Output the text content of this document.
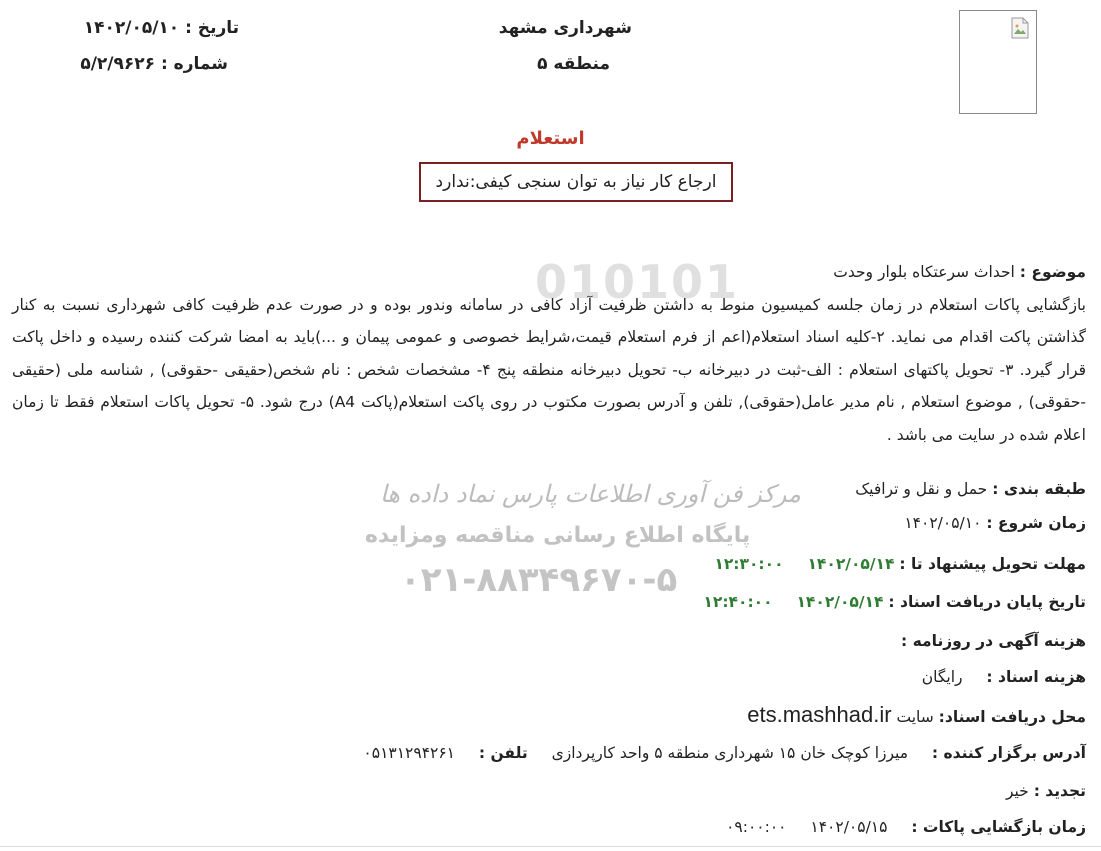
010101
مرکز فن آوری اطلاعات پارس نماد داده ها
پایگاه اطلاع رسانی مناقصه ومزایده
۰۲۱-۸۸۳۴۹۶۷۰-۵
شهرداری مشهد
منطقه ۵
تاریخ : ۱۴۰۲/۰۵/۱۰
شماره : ۵/۲/۹۶۲۶
استعلام
ارجاع کار نیاز به توان سنجی کیفی:ندارد
موضوع : احداث سرعتکاه بلوار وحدت
بازگشایی پاکات استعلام در زمان جلسه کمیسیون منوط به داشتن ظرفیت آزاد کافی در سامانه وندور بوده و در صورت عدم ظرفیت کافی شهرداری نسبت به کنار گذاشتن پاکت اقدام می نماید. ۲-کلیه اسناد استعلام(اعم از فرم استعلام قیمت،شرایط خصوصی و عمومی پیمان و ...)باید به امضا شرکت کننده رسیده و داخل پاکت قرار گیرد. ۳- تحویل پاکتهای استعلام : الف-ثبت در دبیرخانه ب- تحویل دبیرخانه منطقه پنج ۴- مشخصات شخص : نام شخص(حقیقی -حقوقی) , شناسه ملی (حقیقی -حقوقی) , موضوع استعلام , نام مدیر عامل(حقوقی), تلفن و آدرس بصورت مکتوب در روی پاکت استعلام(پاکت A4) درج شود. ۵- تحویل پاکات استعلام فقط تا زمان اعلام شده در سایت می باشد .
طبقه بندی : حمل و نقل و ترافیک
زمان شروع : ۱۴۰۲/۰۵/۱۰
مهلت تحویل پیشنهاد تا : ۱۴۰۲/۰۵/۱۴  ۱۲:۳۰:۰۰
تاریخ پایان دریافت اسناد : ۱۴۰۲/۰۵/۱۴  ۱۲:۴۰:۰۰
هزینه آگهی در روزنامه :
هزینه اسناد :  رایگان
محل دریافت اسناد: سایت ets.mashhad.ir
آدرس برگزار کننده :  میرزا کوچک خان ۱۵ شهرداری منطقه ۵ واحد کارپردازی  تلفن :  ۰۵۱۳۱۲۹۴۲۶۱
تجدید : خیر
زمان بازگشایی پاکات :  ۱۴۰۲/۰۵/۱۵  ۰۹:۰۰:۰۰
